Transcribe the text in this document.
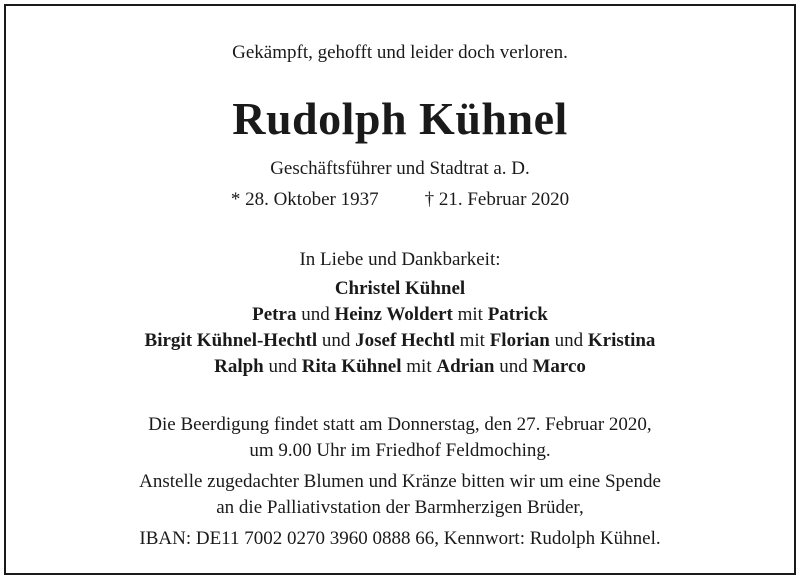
Gekämpft, gehofft und leider doch verloren.
Rudolph Kühnel
Geschäftsführer und Stadtrat a. D.
* 28. Oktober 1937 † 21. Februar 2020
In Liebe und Dankbarkeit:
Christel Kühnel
Petra und Heinz Woldert mit Patrick
Birgit Kühnel-Hechtl und Josef Hechtl mit Florian und Kristina
Ralph und Rita Kühnel mit Adrian und Marco
Die Beerdigung findet statt am Donnerstag, den 27. Februar 2020,
um 9.00 Uhr im Friedhof Feldmoching.
Anstelle zugedachter Blumen und Kränze bitten wir um eine Spende
an die Palliativstation der Barmherzigen Brüder,
IBAN: DE11 7002 0270 3960 0888 66, Kennwort: Rudolph Kühnel.
